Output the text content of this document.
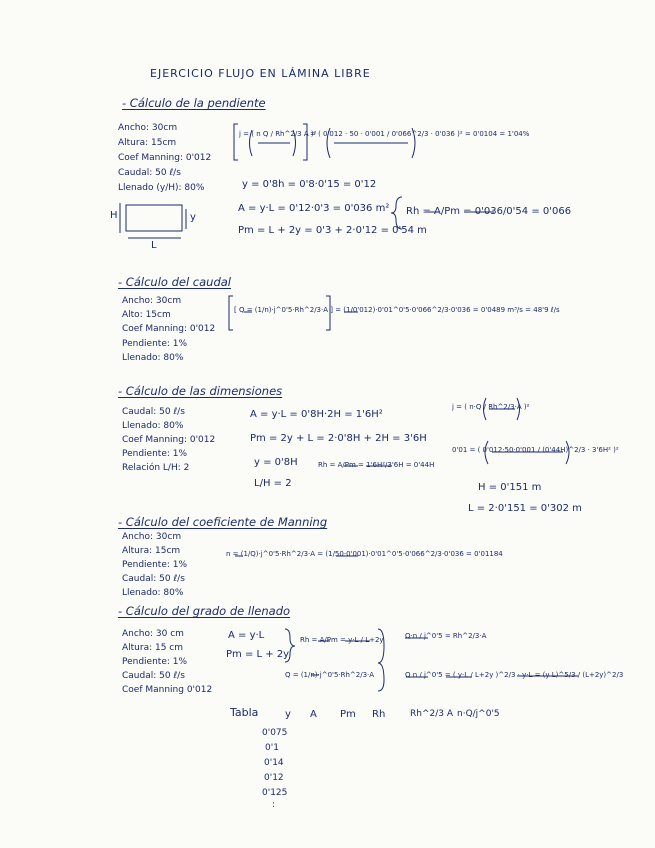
EJERCICIO FLUJO EN LÁMINA LIBRE
- Cálculo de la pendiente
Ancho: 30cm
Altura: 15cm
Coef Manning: 0'012
Caudal: 50 ℓ/s
Llenado (y/H): 80%
j = ( n Q / Rh^2/3 A )²
= ( 0'012 · 50 · 0'001 / 0'066^2/3 · 0'036 )² = 0'0104 = 1'04%
H	y
L
y = 0'8h = 0'8·0'15 = 0'12
A = y·L = 0'12·0'3 = 0'036 m²
Pm = L + 2y = 0'3 + 2·0'12 = 0'54 m
Rh = A/Pm = 0'036/0'54 = 0'066
- Cálculo del caudal
Ancho: 30cm
Alto: 15cm
Coef Manning: 0'012
Pendiente: 1%
Llenado: 80%
[ Q = (1/n)·j^0'5·Rh^2/3·A ] = (1/0'012)·0'01^0'5·0'066^2/3·0'036 = 0'0489 m³/s = 48'9 ℓ/s
- Cálculo de las dimensiones
Caudal: 50 ℓ/s
Llenado: 80%
Coef Manning: 0'012
Pendiente: 1%
Relación L/H: 2
A = y·L = 0'8H·2H = 1'6H²
Pm = 2y + L = 2·0'8H + 2H = 3'6H
y = 0'8H
L/H = 2
Rh = A/Pm = 1'6H²/3'6H = 0'44H
j = ( n·Q / Rh^2/3·A )²
0'01 = ( 0'012·50·0'001 / (0'44H)^2/3 · 3'6H² )²
H = 0'151 m
L = 2·0'151 = 0'302 m
- Cálculo del coeficiente de Manning
Ancho: 30cm
Altura: 15cm
Pendiente: 1%
Caudal: 50 ℓ/s
Llenado: 80%
n = (1/Q)·j^0'5·Rh^2/3·A = (1/50·0'001)·0'01^0'5·0'066^2/3·0'036 = 0'01184
- Cálculo del grado de llenado
Ancho: 30 cm
Altura: 15 cm
Pendiente: 1%
Caudal: 50 ℓ/s
Coef Manning 0'012
A = y·L
Pm = L + 2y
Rh = A/Pm = y·L / L+2y
Q = (1/n)·j^0'5·Rh^2/3·A
Q·n / j^0'5 = Rh^2/3·A
Q n / j^0'5 = ( y·L / L+2y )^2/3 · y·L = (y L)^5/3 / (L+2y)^2/3
Tabla	y A Pm Rh	Rh^2/3 A n·Q/j^0'5
0'075
0'1
0'14
0'12
0'125
:
